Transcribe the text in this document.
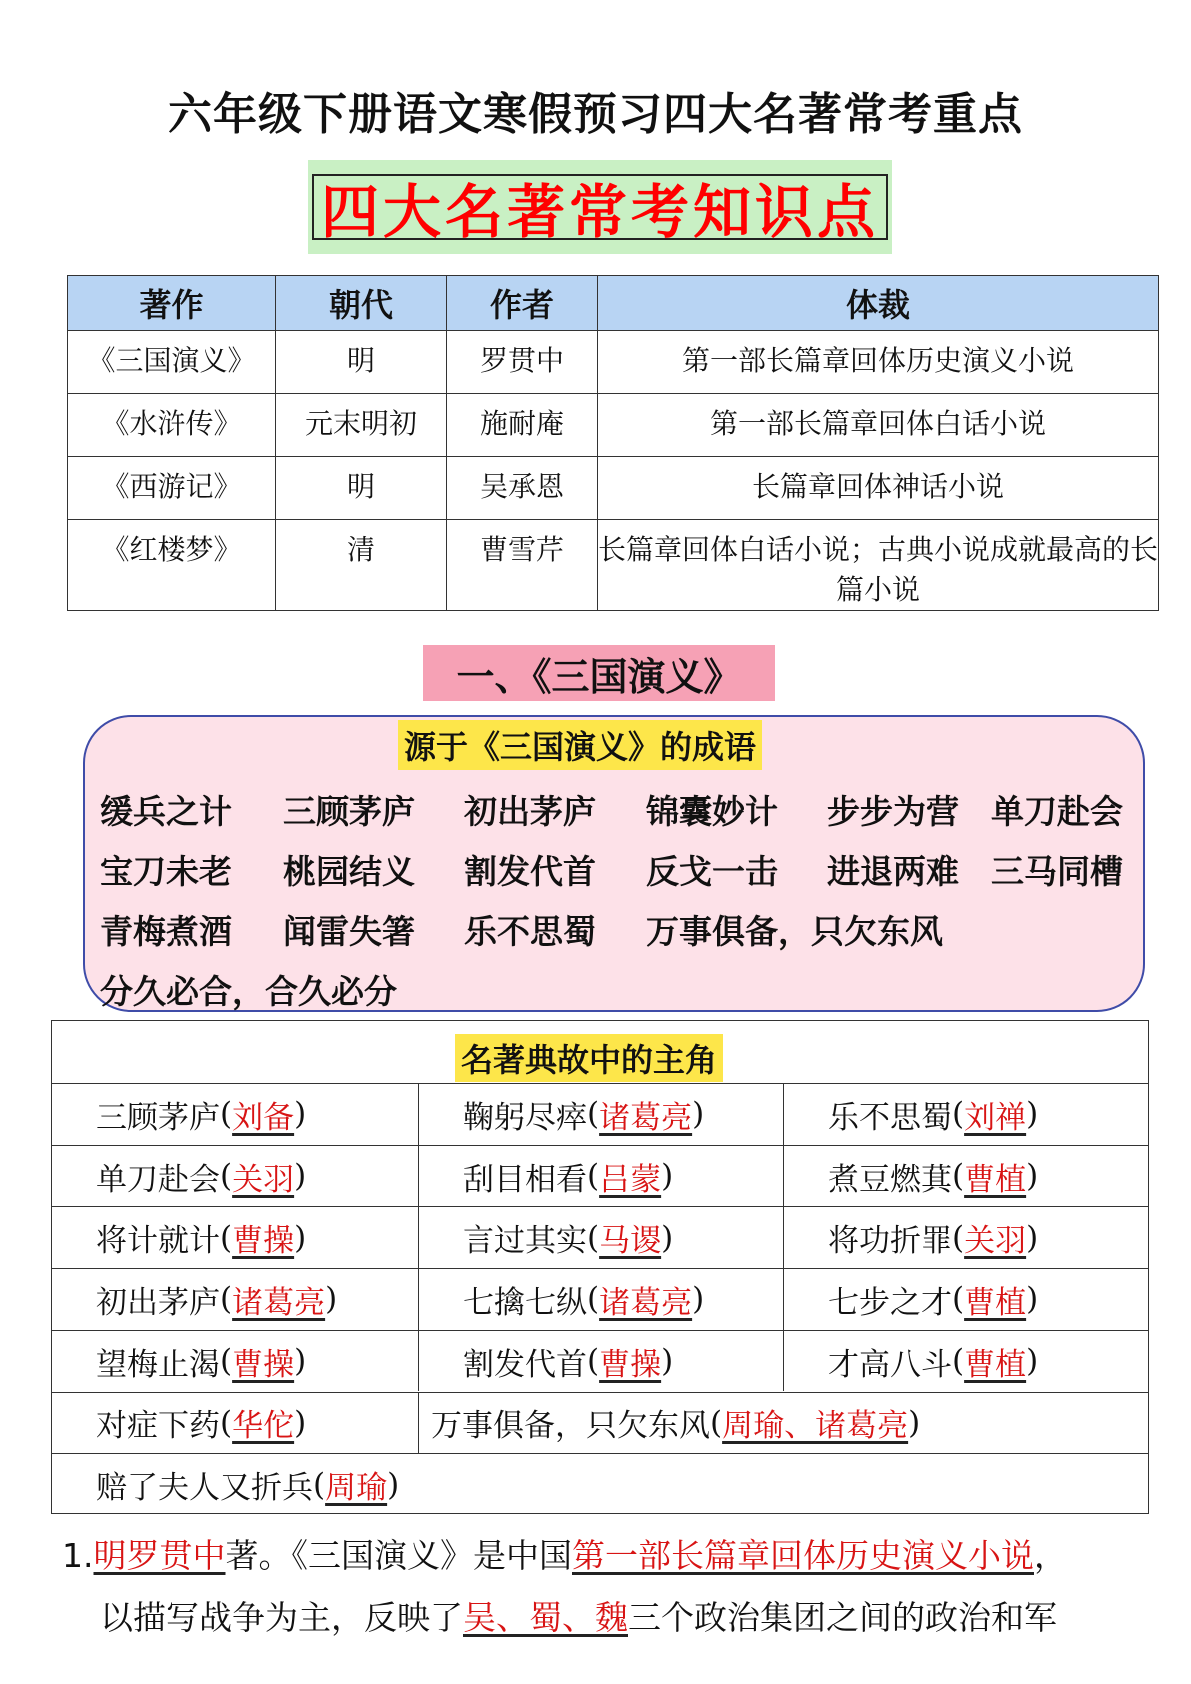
六年级下册语文寒假预习四大名著常考重点
四大名著常考知识点
著作	朝代	作者	体裁
《三国演义》	明	罗贯中	第一部长篇章回体历史演义小说
《水浒传》	元末明初	施耐庵	第一部长篇章回体白话小说
《西游记》	明	吴承恩	长篇章回体神话小说
《红楼梦》	清	曹雪芹	长篇章回体白话小说；古典小说成就最高的长篇小说
一、《三国演义》
源于《三国演义》的成语
缓兵之计 三顾茅庐 初出茅庐 锦囊妙计 步步为营 单刀赴会
宝刀未老 桃园结义 割发代首 反戈一击 进退两难 三马同槽
青梅煮酒 闻雷失箸 乐不思蜀 万事俱备，只欠东风
分久必合，合久必分
三顾茅庐 ( 刘备 )	鞠躬尽瘁 ( 诸葛亮 )	乐不思蜀 ( 刘禅 )
单刀赴会 ( 关羽 )	刮目相看 ( 吕蒙 )	煮豆燃萁 ( 曹植 )
将计就计 ( 曹操 )	言过其实 ( 马谡 )	将功折罪 ( 关羽 )
初出茅庐 ( 诸葛亮 )	七擒七纵 ( 诸葛亮 )	七步之才 ( 曹植 )
望梅止渴 ( 曹操 )	割发代首 ( 曹操 )	才高八斗 ( 曹植 )
对症下药 ( 华佗 )	万事俱备，只欠东风 ( 周瑜、诸葛亮 )
赔了夫人又折兵 ( 周瑜 )
名著典故中的主角
1.明罗贯中著。《三国演义》是中国第一部长篇章回体历史演义小说，
以描写战争为主，反映了吴、蜀、魏三个政治集团之间的政治和军
